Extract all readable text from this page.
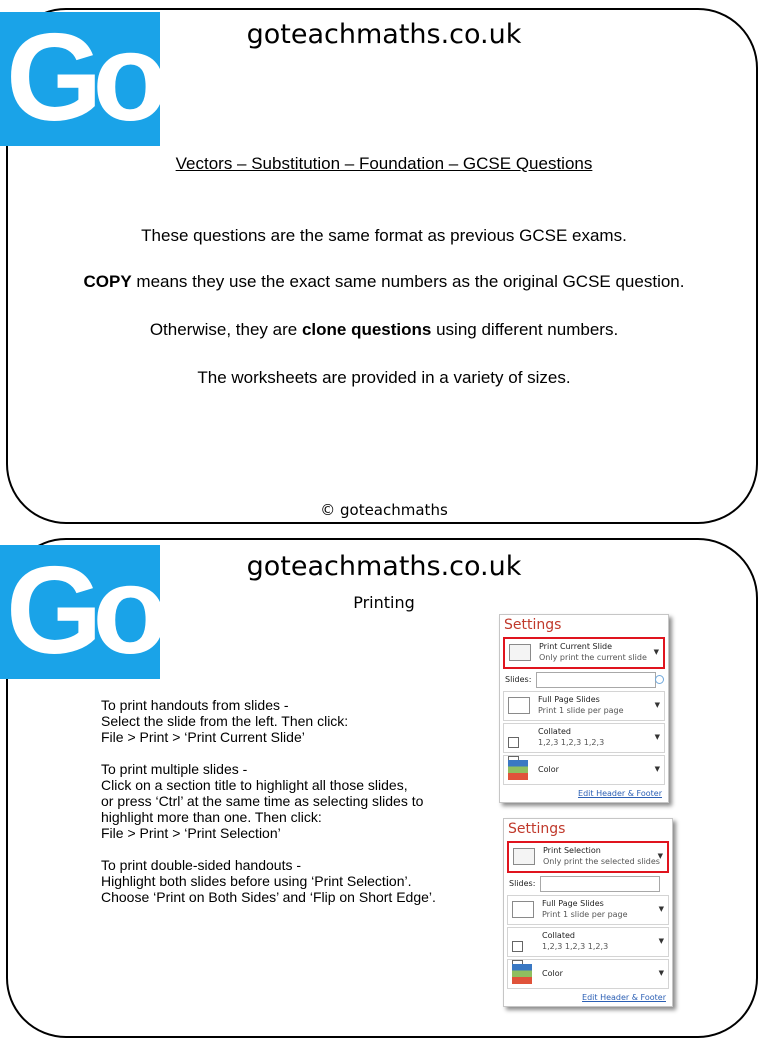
Go!	goteachmaths.co.uk
Vectors – Substitution – Foundation – GCSE Questions
These questions are the same format as previous GCSE exams.
COPY means they use the exact same numbers as the original GCSE question.
Otherwise, they are clone questions using different numbers.
The worksheets are provided in a variety of sizes.
© goteachmaths
Go!	goteachmaths.co.uk
Printing
To print handouts from slides -
Select the slide from the left. Then click:
File > Print > ‘Print Current Slide’
To print multiple slides -
Click on a section title to highlight all those slides,
or press ‘Ctrl’ at the same time as selecting slides to
highlight more than one. Then click:
File > Print > ‘Print Selection’
To print double-sided handouts -
Highlight both slides before using ‘Print Selection’.
Choose ‘Print on Both Sides’ and ‘Flip on Short Edge’.
Settings
Print Current Slide
Only print the current slide
▼
Slides:
Full Page Slides
Print 1 slide per page
▼
Collated
1,2,3 1,2,3 1,2,3
▼
Color	▼
Edit Header & Footer
Settings
Print Selection
Only print the selected slides
▼
Slides:
Full Page Slides
Print 1 slide per page
▼
Collated
1,2,3 1,2,3 1,2,3
▼
Color	▼
Edit Header & Footer
